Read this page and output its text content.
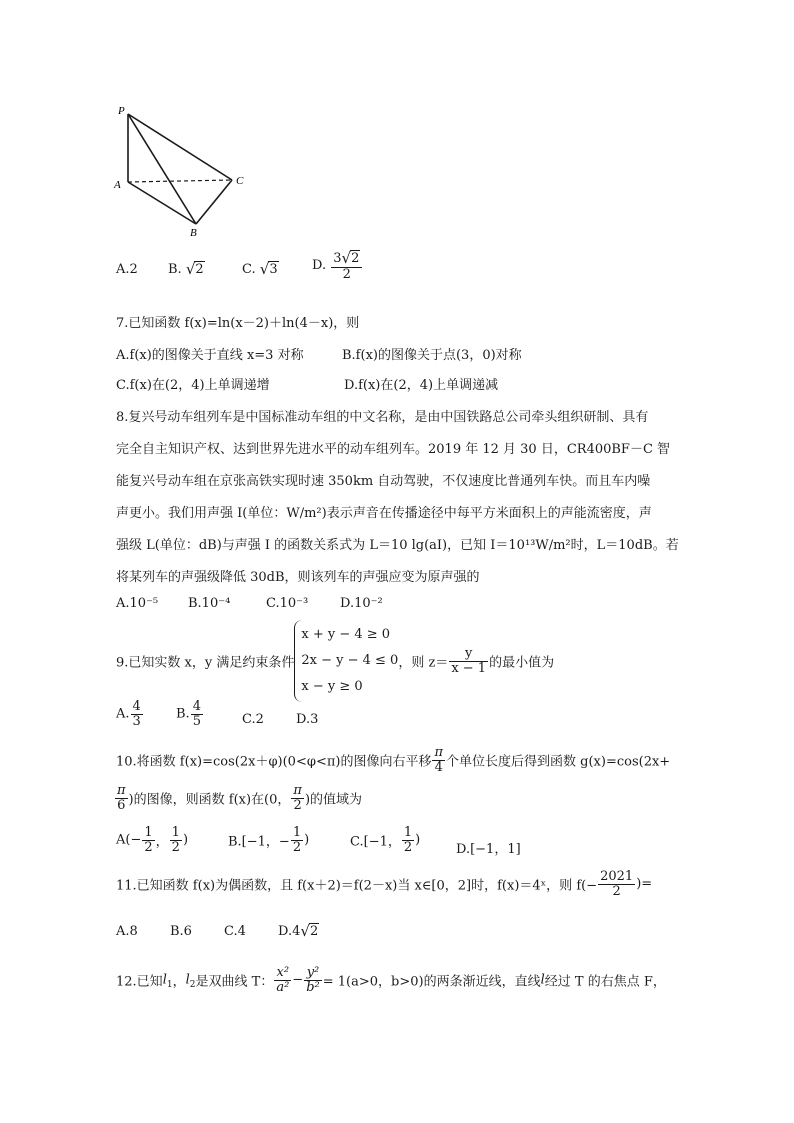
P
A	C
B
A.2 B. √2	C. √3	D. $\frac{3√2}{2}$
7.已知函数 f(x)=ln(x－2)＋ln(4－x)，则
A.f(x)的图像关于直线 x=3 对称	B.f(x)的图像关于点(3，0)对称
C.f(x)在(2，4)上单调递增	D.f(x)在(2，4)上单调递减
8.复兴号动车组列车是中国标准动车组的中文名称，是由中国铁路总公司牵头组织研制、具有
完全自主知识产权、达到世界先进水平的动车组列车。2019 年 12 月 30 日，CR400BF－C 智
能复兴号动车组在京张高铁实现时速 350km 自动驾驶，不仅速度比普通列车快。而且车内噪
声更小。我们用声强 I(单位：W/m²)表示声音在传播途径中每平方米面积上的声能流密度，声
强级 L(单位：dB)与声强 I 的函数关系式为 L＝10 lg(aI)，已知 I＝10¹³W/m²时，L＝10dB。若
将某列车的声强级降低 30dB，则该列车的声强应变为原声强的
A.10⁻⁵ B.10⁻⁴	C.10⁻³ D.10⁻²
9.已知实数 x，y 满足约束条件
x + y − 4 ≥ 0
2x − y − 4 ≤ 0
x − y ≥ 0
，则 $z= \frac{y}{x - 1}$ 的最小值为
A. $\frac{4}{3}$	B. $\frac{4}{5}$	C.2 D.3
10.将函数 f(x)=cos(2x＋φ)(0<φ<π)的图像向右平移 $\frac{\pi}{4}$ 个单位长度后得到函数 g(x)=cos(2x+
$\frac{\pi}{6}$ )的图像，则函数 f(x)在(0， $\frac{\pi}{2}$ )的值域为
$A(- \frac{1}{2}$ ， $\frac{1}{2}$ )	B.[−1，− $\frac{1}{2}$ )	C.[−1， $\frac{1}{2}$ )
D.[−1，1]
11.已知函数 f(x)为偶函数，且 f(x＋2)＝f(2－x)当 x∈[0，2]时，f(x)＝4ˣ，则 $f(- \frac{2021}{2}$ )=
A.8 B.6 C.4 D.4√2
12.已知$l_1$，$l_2$是双曲线 T： $\frac{\text{x²}}{\text{a²}} - \frac{\text{y²}}{\text{b²}} = 1(a>0$，b>0)的两条渐近线，直线l经过 T 的右焦点 F，
